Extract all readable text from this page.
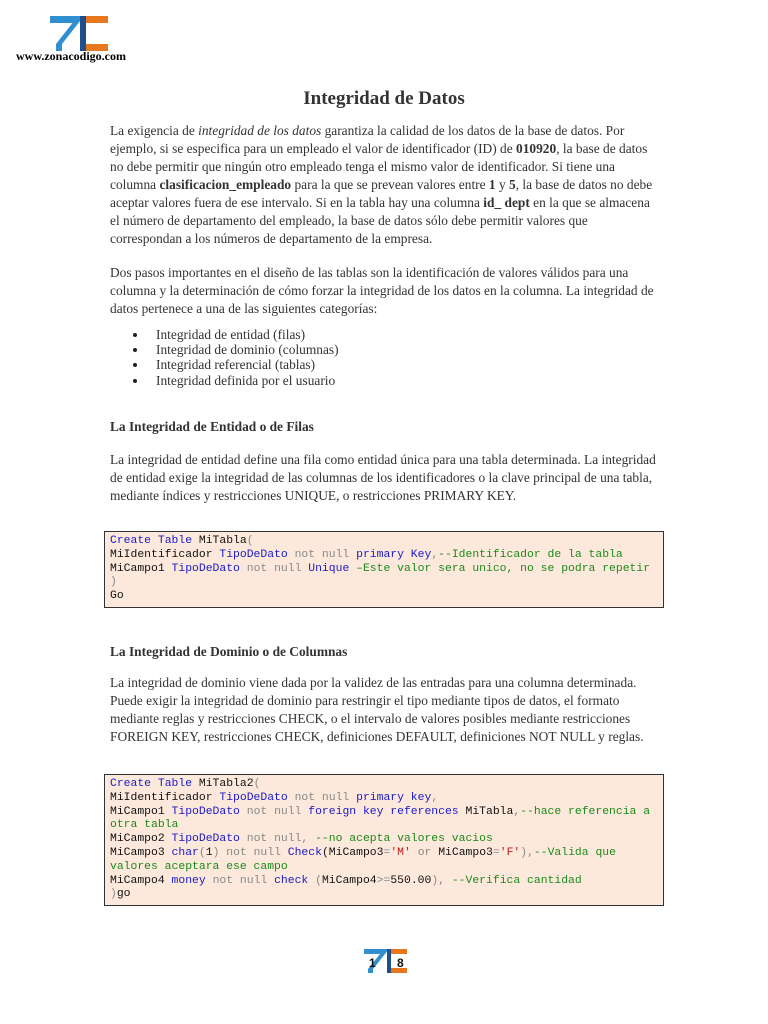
www.zonacodigo.com
Integridad de Datos

La exigencia de integridad de los datos garantiza la calidad de los datos de la base de datos. Por ejemplo, si se especifica para un empleado el valor de identificador (ID) de 010920, la base de datos no debe permitir que ningún otro empleado tenga el mismo valor de identificador. Si tiene una columna clasificacion_empleado para la que se prevean valores entre 1 y 5, la base de datos no debe aceptar valores fuera de ese intervalo. Si en la tabla hay una columna id_ dept en la que se almacena el número de departamento del empleado, la base de datos sólo debe permitir valores que correspondan a los números de departamento de la empresa.

Dos pasos importantes en el diseño de las tablas son la identificación de valores válidos para una columna y la determinación de cómo forzar la integridad de los datos en la columna. La integridad de datos pertenece a una de las siguientes categorías:

Integridad de entidad (filas)
Integridad de dominio (columnas)
Integridad referencial (tablas)
Integridad definida por el usuario
La Integridad de Entidad o de Filas

La integridad de entidad define una fila como entidad única para una tabla determinada. La integridad de entidad exige la integridad de las columnas de los identificadores o la clave principal de una tabla, mediante índices y restricciones UNIQUE, o restricciones PRIMARY KEY.

Create Table MiTabla(
MiIdentificador TipoDeDato not null primary Key,--Identificador de la tabla
MiCampo1 TipoDeDato not null Unique –Este valor sera unico, no se podra repetir
)
Go
La Integridad de Dominio o de Columnas

La integridad de dominio viene dada por la validez de las entradas para una columna determinada. Puede exigir la integridad de dominio para restringir el tipo mediante tipos de datos, el formato mediante reglas y restricciones CHECK, o el intervalo de valores posibles mediante restricciones FOREIGN KEY, restricciones CHECK, definiciones DEFAULT, definiciones NOT NULL y reglas.

Create Table MiTabla2(
MiIdentificador TipoDeDato not null primary key,
MiCampo1 TipoDeDato not null foreign key references MiTabla,--hace referencia a otra tabla
MiCampo2 TipoDeDato not null, --no acepta valores vacios
MiCampo3 char(1) not null Check(MiCampo3='M' or MiCampo3='F'),--Valida que valores aceptara ese campo
MiCampo4 money not null check (MiCampo4>=550.00), --Verifica cantidad
)go
1 8
